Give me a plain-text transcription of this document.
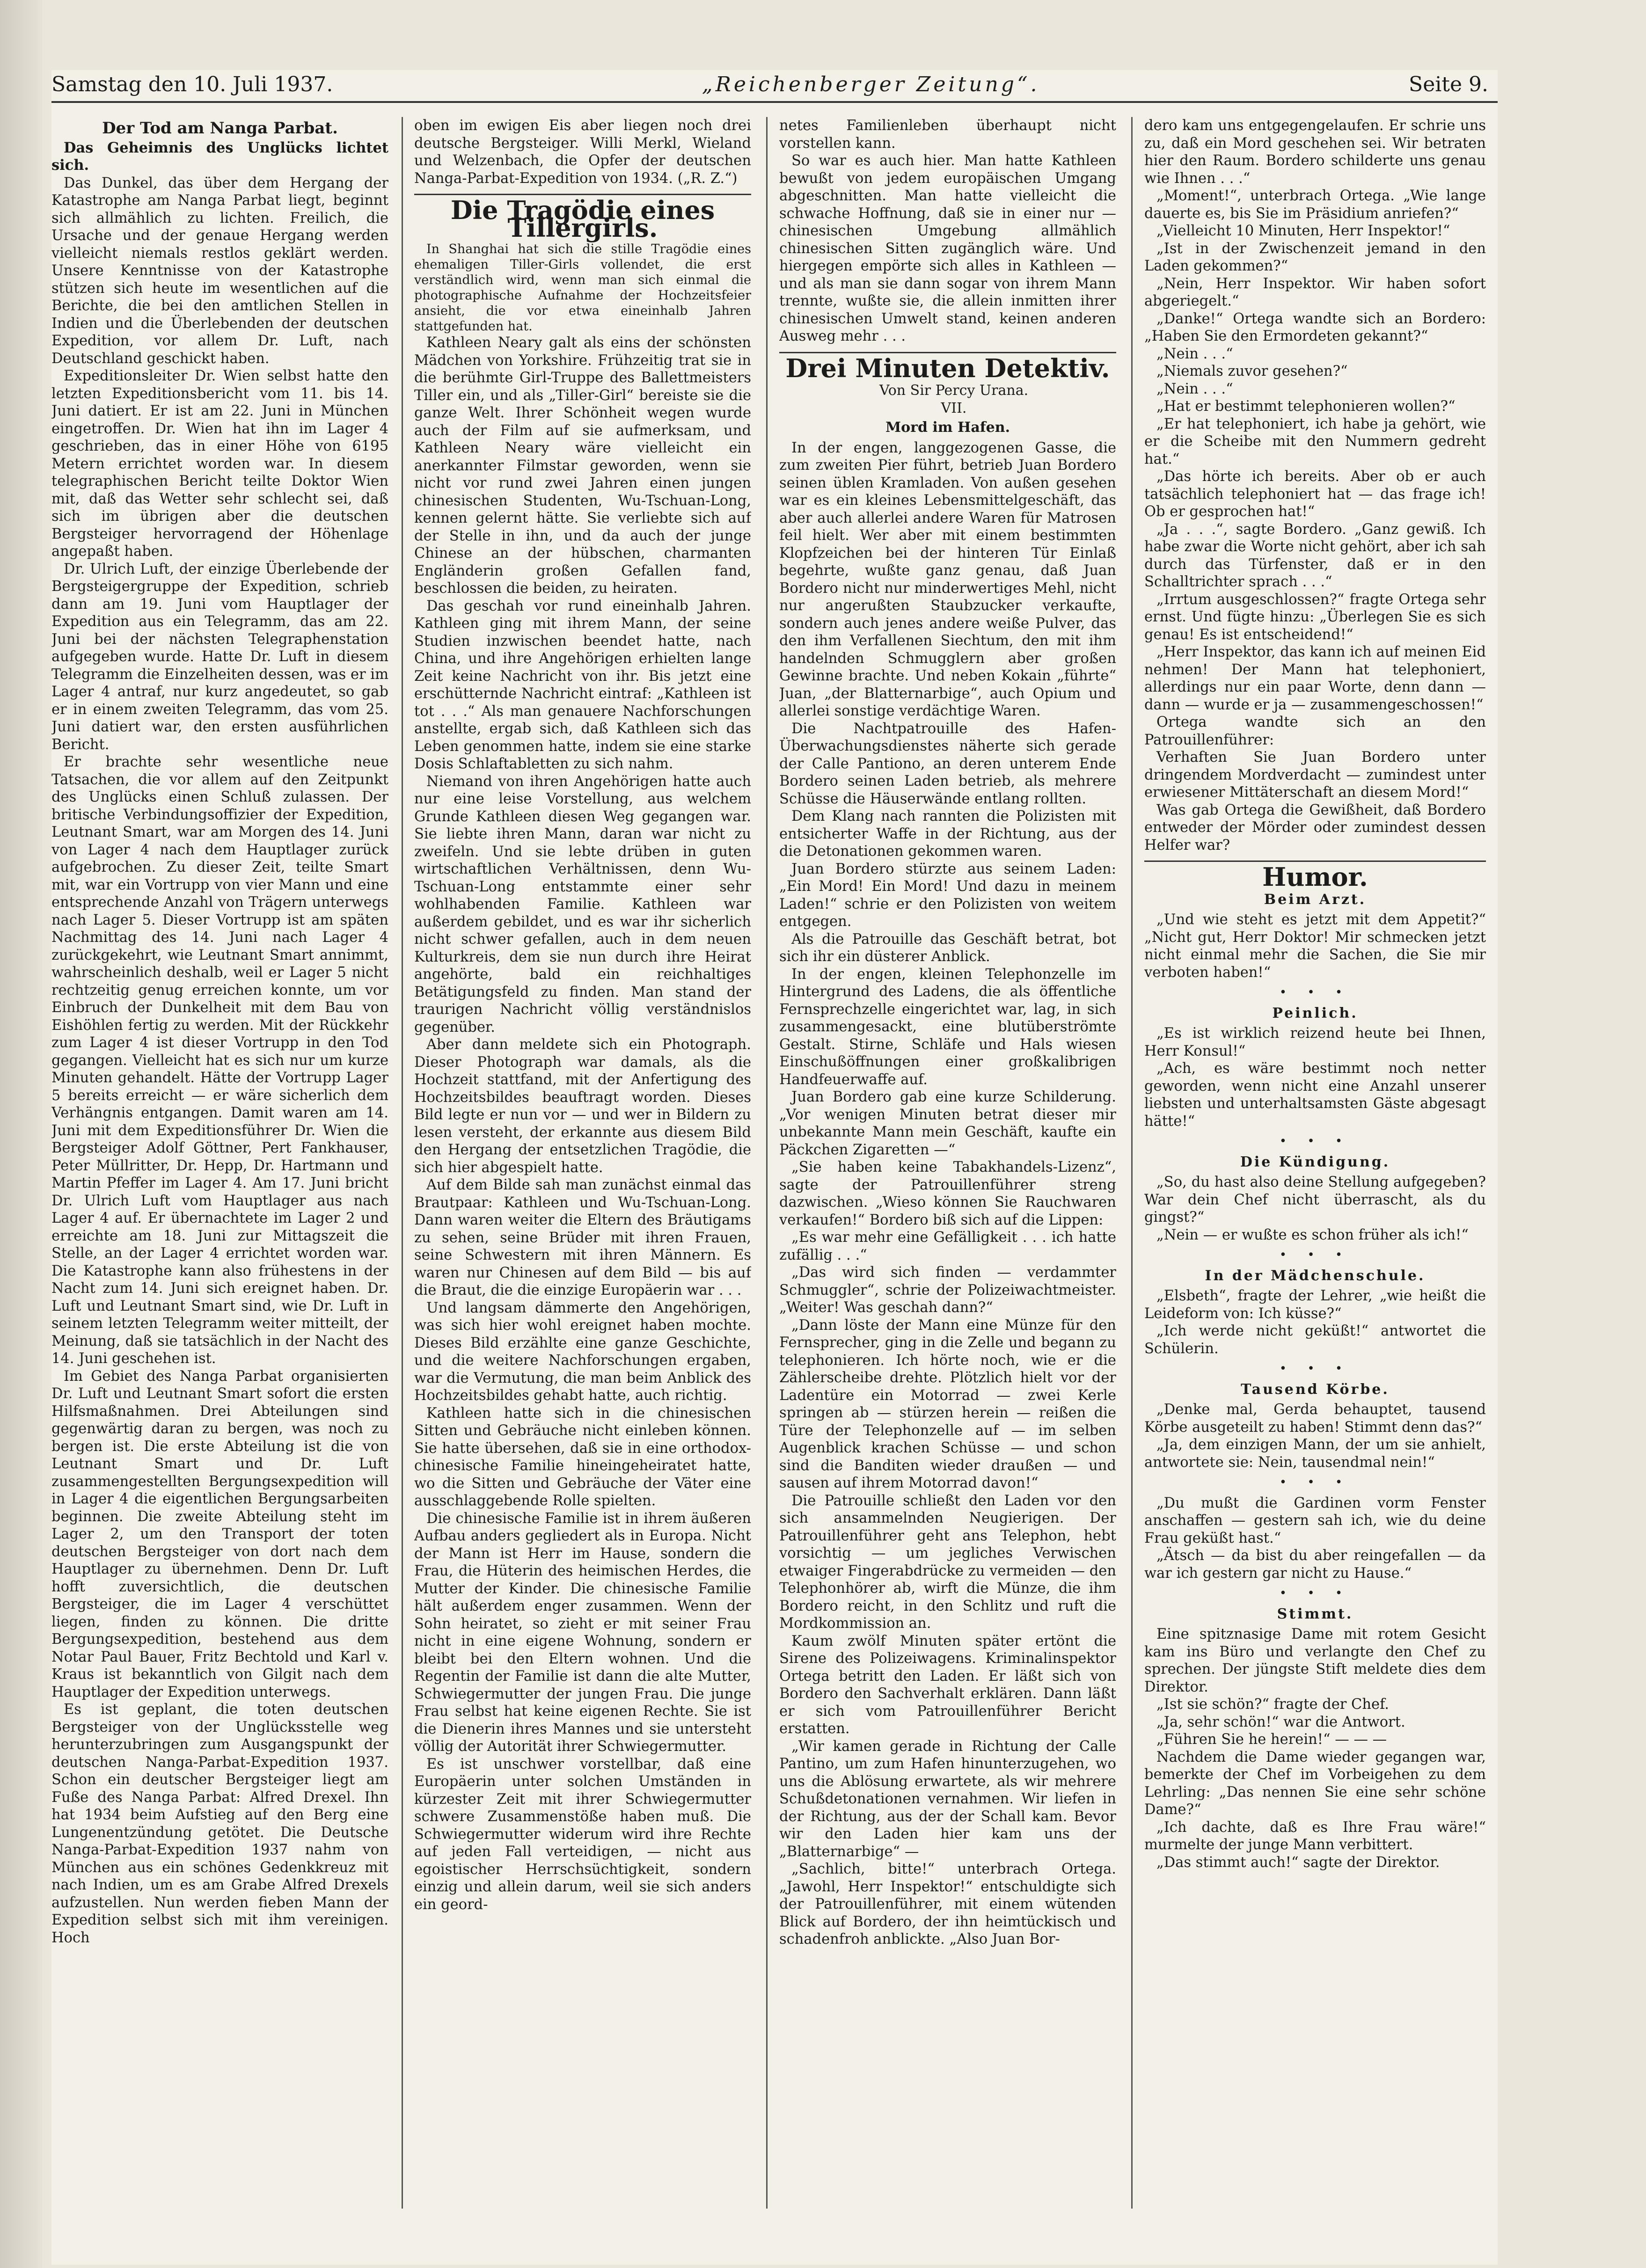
Samstag den 10. Juli 1937.	„Reichenberger Zeitung“.	Seite 9.
Der Tod am Nanga Parbat.

Das Geheimnis des Unglücks lichtet sich.

Das Dunkel, das über dem Hergang der Katastrophe am Nanga Parbat liegt, beginnt sich allmählich zu lichten. Freilich, die Ursache und der genaue Hergang werden vielleicht niemals restlos geklärt werden. Unsere Kenntnisse von der Katastrophe stützen sich heute im wesentlichen auf die Berichte, die bei den amtlichen Stellen in Indien und die Überlebenden der deutschen Expedition, vor allem Dr. Luft, nach Deutschland geschickt haben.

Expeditionsleiter Dr. Wien selbst hatte den letzten Expeditionsbericht vom 11. bis 14. Juni datiert. Er ist am 22. Juni in München eingetroffen. Dr. Wien hat ihn im Lager 4 geschrieben, das in einer Höhe von 6195 Metern errichtet worden war. In diesem telegraphischen Bericht teilte Doktor Wien mit, daß das Wetter sehr schlecht sei, daß sich im übrigen aber die deutschen Bergsteiger hervorragend der Höhenlage angepaßt haben.

Dr. Ulrich Luft, der einzige Überlebende der Bergsteigergruppe der Expedition, schrieb dann am 19. Juni vom Hauptlager der Expedition aus ein Telegramm, das am 22. Juni bei der nächsten Telegraphenstation aufgegeben wurde. Hatte Dr. Luft in diesem Telegramm die Einzelheiten dessen, was er im Lager 4 antraf, nur kurz angedeutet, so gab er in einem zweiten Telegramm, das vom 25. Juni datiert war, den ersten ausführlichen Bericht.

Er brachte sehr wesentliche neue Tatsachen, die vor allem auf den Zeitpunkt des Unglücks einen Schluß zulassen. Der britische Verbindungsoffizier der Expedition, Leutnant Smart, war am Morgen des 14. Juni von Lager 4 nach dem Hauptlager zurück aufgebrochen. Zu dieser Zeit, teilte Smart mit, war ein Vortrupp von vier Mann und eine entsprechende Anzahl von Trägern unterwegs nach Lager 5. Dieser Vortrupp ist am späten Nachmittag des 14. Juni nach Lager 4 zurückgekehrt, wie Leutnant Smart annimmt, wahrscheinlich deshalb, weil er Lager 5 nicht rechtzeitig genug erreichen konnte, um vor Einbruch der Dunkelheit mit dem Bau von Eishöhlen fertig zu werden. Mit der Rückkehr zum Lager 4 ist dieser Vortrupp in den Tod gegangen. Vielleicht hat es sich nur um kurze Minuten gehandelt. Hätte der Vortrupp Lager 5 bereits erreicht — er wäre sicherlich dem Verhängnis entgangen. Damit waren am 14. Juni mit dem Expeditionsführer Dr. Wien die Bergsteiger Adolf Göttner, Pert Fankhauser, Peter Müllritter, Dr. Hepp, Dr. Hartmann und Martin Pfeffer im Lager 4. Am 17. Juni bricht Dr. Ulrich Luft vom Hauptlager aus nach Lager 4 auf. Er übernachtete im Lager 2 und erreichte am 18. Juni zur Mittagszeit die Stelle, an der Lager 4 errichtet worden war. Die Katastrophe kann also frühestens in der Nacht zum 14. Juni sich ereignet haben. Dr. Luft und Leutnant Smart sind, wie Dr. Luft in seinem letzten Telegramm weiter mitteilt, der Meinung, daß sie tatsächlich in der Nacht des 14. Juni geschehen ist.

Im Gebiet des Nanga Parbat organisierten Dr. Luft und Leutnant Smart sofort die ersten Hilfsmaßnahmen. Drei Abteilungen sind gegenwärtig daran zu bergen, was noch zu bergen ist. Die erste Abteilung ist die von Leutnant Smart und Dr. Luft zusammengestellten Bergungsexpedition will in Lager 4 die eigentlichen Bergungsarbeiten beginnen. Die zweite Abteilung steht im Lager 2, um den Transport der toten deutschen Bergsteiger von dort nach dem Hauptlager zu übernehmen. Denn Dr. Luft hofft zuversichtlich, die deutschen Bergsteiger, die im Lager 4 verschüttet liegen, finden zu können. Die dritte Bergungsexpedition, bestehend aus dem Notar Paul Bauer, Fritz Bechtold und Karl v. Kraus ist bekanntlich von Gilgit nach dem Hauptlager der Expedition unterwegs.

Es ist geplant, die toten deutschen Bergsteiger von der Unglücksstelle weg herunterzubringen zum Ausgangspunkt der deutschen Nanga-Parbat-Expedition 1937. Schon ein deutscher Bergsteiger liegt am Fuße des Nanga Parbat: Alfred Drexel. Ihn hat 1934 beim Aufstieg auf den Berg eine Lungenentzündung getötet. Die Deutsche Nanga-Parbat-Expedition 1937 nahm von München aus ein schönes Gedenkkreuz mit nach Indien, um es am Grabe Alfred Drexels aufzustellen. Nun werden fieben Mann der Expedition selbst sich mit ihm vereinigen. Hoch

oben im ewigen Eis aber liegen noch drei deutsche Bergsteiger. Willi Merkl, Wieland und Welzenbach, die Opfer der deutschen Nanga-Parbat-Expedition von 1934. („R. Z.“)

Die Tragödie eines Tillergirls.

In Shanghai hat sich die stille Tragödie eines ehemaligen Tiller-Girls vollendet, die erst verständlich wird, wenn man sich einmal die photographische Aufnahme der Hochzeitsfeier ansieht, die vor etwa eineinhalb Jahren stattgefunden hat.

Kathleen Neary galt als eins der schönsten Mädchen von Yorkshire. Frühzeitig trat sie in die berühmte Girl-Truppe des Ballettmeisters Tiller ein, und als „Tiller-Girl“ bereiste sie die ganze Welt. Ihrer Schönheit wegen wurde auch der Film auf sie aufmerksam, und Kathleen Neary wäre vielleicht ein anerkannter Filmstar geworden, wenn sie nicht vor rund zwei Jahren einen jungen chinesischen Studenten, Wu-Tschuan-Long, kennen gelernt hätte. Sie verliebte sich auf der Stelle in ihn, und da auch der junge Chinese an der hübschen, charmanten Engländerin großen Gefallen fand, beschlossen die beiden, zu heiraten.

Das geschah vor rund eineinhalb Jahren. Kathleen ging mit ihrem Mann, der seine Studien inzwischen beendet hatte, nach China, und ihre Angehörigen erhielten lange Zeit keine Nachricht von ihr. Bis jetzt eine erschütternde Nachricht eintraf: „Kathleen ist tot . . .“ Als man genauere Nachforschungen anstellte, ergab sich, daß Kathleen sich das Leben genommen hatte, indem sie eine starke Dosis Schlaftabletten zu sich nahm.

Niemand von ihren Angehörigen hatte auch nur eine leise Vorstellung, aus welchem Grunde Kathleen diesen Weg gegangen war. Sie liebte ihren Mann, daran war nicht zu zweifeln. Und sie lebte drüben in guten wirtschaftlichen Verhältnissen, denn Wu-Tschuan-Long entstammte einer sehr wohlhabenden Familie. Kathleen war außerdem gebildet, und es war ihr sicherlich nicht schwer gefallen, auch in dem neuen Kulturkreis, dem sie nun durch ihre Heirat angehörte, bald ein reichhaltiges Betätigungsfeld zu finden. Man stand der traurigen Nachricht völlig verständnislos gegenüber.

Aber dann meldete sich ein Photograph. Dieser Photograph war damals, als die Hochzeit stattfand, mit der Anfertigung des Hochzeitsbildes beauftragt worden. Dieses Bild legte er nun vor — und wer in Bildern zu lesen versteht, der erkannte aus diesem Bild den Hergang der entsetzlichen Tragödie, die sich hier abgespielt hatte.

Auf dem Bilde sah man zunächst einmal das Brautpaar: Kathleen und Wu-Tschuan-Long. Dann waren weiter die Eltern des Bräutigams zu sehen, seine Brüder mit ihren Frauen, seine Schwestern mit ihren Männern. Es waren nur Chinesen auf dem Bild — bis auf die Braut, die die einzige Europäerin war . . .

Und langsam dämmerte den Angehörigen, was sich hier wohl ereignet haben mochte. Dieses Bild erzählte eine ganze Geschichte, und die weitere Nachforschungen ergaben, war die Vermutung, die man beim Anblick des Hochzeitsbildes gehabt hatte, auch richtig.

Kathleen hatte sich in die chinesischen Sitten und Gebräuche nicht einleben können. Sie hatte übersehen, daß sie in eine orthodox-chinesische Familie hineingeheiratet hatte, wo die Sitten und Gebräuche der Väter eine ausschlaggebende Rolle spielten.

Die chinesische Familie ist in ihrem äußeren Aufbau anders gegliedert als in Europa. Nicht der Mann ist Herr im Hause, sondern die Frau, die Hüterin des heimischen Herdes, die Mutter der Kinder. Die chinesische Familie hält außerdem enger zusammen. Wenn der Sohn heiratet, so zieht er mit seiner Frau nicht in eine eigene Wohnung, sondern er bleibt bei den Eltern wohnen. Und die Regentin der Familie ist dann die alte Mutter, Schwiegermutter der jungen Frau. Die junge Frau selbst hat keine eigenen Rechte. Sie ist die Dienerin ihres Mannes und sie untersteht völlig der Autorität ihrer Schwiegermutter.

Es ist unschwer vorstellbar, daß eine Europäerin unter solchen Umständen in kürzester Zeit mit ihrer Schwiegermutter schwere Zusammenstöße haben muß. Die Schwiegermutter widerum wird ihre Rechte auf jeden Fall verteidigen, — nicht aus egoistischer Herrschsüchtigkeit, sondern einzig und allein darum, weil sie sich anders ein geord-

netes Familienleben überhaupt nicht vorstellen kann.

So war es auch hier. Man hatte Kathleen bewußt von jedem europäischen Umgang abgeschnitten. Man hatte vielleicht die schwache Hoffnung, daß sie in einer nur — chinesischen Umgebung allmählich chinesischen Sitten zugänglich wäre. Und hiergegen empörte sich alles in Kathleen — und als man sie dann sogar von ihrem Mann trennte, wußte sie, die allein inmitten ihrer chinesischen Umwelt stand, keinen anderen Ausweg mehr . . .

Drei Minuten Detektiv.

Von Sir Percy Urana.

VII.

Mord im Hafen.

In der engen, langgezogenen Gasse, die zum zweiten Pier führt, betrieb Juan Bordero seinen üblen Kramladen. Von außen gesehen war es ein kleines Lebensmittelgeschäft, das aber auch allerlei andere Waren für Matrosen feil hielt. Wer aber mit einem bestimmten Klopfzeichen bei der hinteren Tür Einlaß begehrte, wußte ganz genau, daß Juan Bordero nicht nur minderwertiges Mehl, nicht nur angerußten Staubzucker verkaufte, sondern auch jenes andere weiße Pulver, das den ihm Verfallenen Siechtum, den mit ihm handelnden Schmugglern aber großen Gewinne brachte. Und neben Kokain „führte“ Juan, „der Blatternarbige“, auch Opium und allerlei sonstige verdächtige Waren.

Die Nachtpatrouille des Hafen-Überwachungsdienstes näherte sich gerade der Calle Pantiono, an deren unterem Ende Bordero seinen Laden betrieb, als mehrere Schüsse die Häuserwände entlang rollten.

Dem Klang nach rannten die Polizisten mit entsicherter Waffe in der Richtung, aus der die Detonationen gekommen waren.

Juan Bordero stürzte aus seinem Laden: „Ein Mord! Ein Mord! Und dazu in meinem Laden!“ schrie er den Polizisten von weitem entgegen.

Als die Patrouille das Geschäft betrat, bot sich ihr ein düsterer Anblick.

In der engen, kleinen Telephonzelle im Hintergrund des Ladens, die als öffentliche Fernsprechzelle eingerichtet war, lag, in sich zusammengesackt, eine blutüberströmte Gestalt. Stirne, Schläfe und Hals wiesen Einschußöffnungen einer großkalibrigen Handfeuerwaffe auf.

Juan Bordero gab eine kurze Schilderung. „Vor wenigen Minuten betrat dieser mir unbekannte Mann mein Geschäft, kaufte ein Päckchen Zigaretten —“

„Sie haben keine Tabakhandels-Lizenz“, sagte der Patrouillenführer streng dazwischen. „Wieso können Sie Rauchwaren verkaufen!“ Bordero biß sich auf die Lippen:

„Es war mehr eine Gefälligkeit . . . ich hatte zufällig . . .“

„Das wird sich finden — verdammter Schmuggler“, schrie der Polizeiwachtmeister. „Weiter! Was geschah dann?“

„Dann löste der Mann eine Münze für den Fernsprecher, ging in die Zelle und begann zu telephonieren. Ich hörte noch, wie er die Zählerscheibe drehte. Plötzlich hielt vor der Ladentüre ein Motorrad — zwei Kerle springen ab — stürzen herein — reißen die Türe der Telephonzelle auf — im selben Augenblick krachen Schüsse — und schon sind die Banditen wieder draußen — und sausen auf ihrem Motorrad davon!“

Die Patrouille schließt den Laden vor den sich ansammelnden Neugierigen. Der Patrouillenführer geht ans Telephon, hebt vorsichtig — um jegliches Verwischen etwaiger Fingerabdrücke zu vermeiden — den Telephonhörer ab, wirft die Münze, die ihm Bordero reicht, in den Schlitz und ruft die Mordkommission an.

Kaum zwölf Minuten später ertönt die Sirene des Polizeiwagens. Kriminalinspektor Ortega betritt den Laden. Er läßt sich von Bordero den Sachverhalt erklären. Dann läßt er sich vom Patrouillenführer Bericht erstatten.

„Wir kamen gerade in Richtung der Calle Pantino, um zum Hafen hinunterzugehen, wo uns die Ablösung erwartete, als wir mehrere Schußdetonationen vernahmen. Wir liefen in der Richtung, aus der der Schall kam. Bevor wir den Laden hier kam uns der „Blatternarbige“ —

„Sachlich, bitte!“ unterbrach Ortega. „Jawohl, Herr Inspektor!“ entschuldigte sich der Patrouillenführer, mit einem wütenden Blick auf Bordero, der ihn heimtückisch und schadenfroh anblickte. „Also Juan Bor-

dero kam uns entgegengelaufen. Er schrie uns zu, daß ein Mord geschehen sei. Wir betraten hier den Raum. Bordero schilderte uns genau wie Ihnen . . .“

„Moment!“, unterbrach Ortega. „Wie lange dauerte es, bis Sie im Präsidium anriefen?“

„Vielleicht 10 Minuten, Herr Inspektor!“

„Ist in der Zwischenzeit jemand in den Laden gekommen?“

„Nein, Herr Inspektor. Wir haben sofort abgeriegelt.“

„Danke!“ Ortega wandte sich an Bordero: „Haben Sie den Ermordeten gekannt?“

„Nein . . .“

„Niemals zuvor gesehen?“

„Nein . . .“

„Hat er bestimmt telephonieren wollen?“

„Er hat telephoniert, ich habe ja gehört, wie er die Scheibe mit den Nummern gedreht hat.“

„Das hörte ich bereits. Aber ob er auch tatsächlich telephoniert hat — das frage ich! Ob er gesprochen hat!“

„Ja . . .“, sagte Bordero. „Ganz gewiß. Ich habe zwar die Worte nicht gehört, aber ich sah durch das Türfenster, daß er in den Schalltrichter sprach . . .“

„Irrtum ausgeschlossen?“ fragte Ortega sehr ernst. Und fügte hinzu: „Überlegen Sie es sich genau! Es ist entscheidend!“

„Herr Inspektor, das kann ich auf meinen Eid nehmen! Der Mann hat telephoniert, allerdings nur ein paar Worte, denn dann — dann — wurde er ja — zusammengeschossen!“

Ortega wandte sich an den Patrouillenführer:

Verhaften Sie Juan Bordero unter dringendem Mordverdacht — zumindest unter erwiesener Mittäterschaft an diesem Mord!“

Was gab Ortega die Gewißheit, daß Bordero entweder der Mörder oder zumindest dessen Helfer war?

Humor.
Beim Arzt.

„Und wie steht es jetzt mit dem Appetit?“ „Nicht gut, Herr Doktor! Mir schmecken jetzt nicht einmal mehr die Sachen, die Sie mir verboten haben!“

• • •
Peinlich.

„Es ist wirklich reizend heute bei Ihnen, Herr Konsul!“

„Ach, es wäre bestimmt noch netter geworden, wenn nicht eine Anzahl unserer liebsten und unterhaltsamsten Gäste abgesagt hätte!“

• • •
Die Kündigung.

„So, du hast also deine Stellung aufgegeben? War dein Chef nicht überrascht, als du gingst?“

„Nein — er wußte es schon früher als ich!“

• • •
In der Mädchenschule.

„Elsbeth“, fragte der Lehrer, „wie heißt die Leideform von: Ich küsse?“

„Ich werde nicht geküßt!“ antwortet die Schülerin.

• • •
Tausend Körbe.

„Denke mal, Gerda behauptet, tausend Körbe ausgeteilt zu haben! Stimmt denn das?“

„Ja, dem einzigen Mann, der um sie anhielt, antwortete sie: Nein, tausendmal nein!“

• • •

„Du mußt die Gardinen vorm Fenster anschaffen — gestern sah ich, wie du deine Frau geküßt hast.“

„Ätsch — da bist du aber reingefallen — da war ich gestern gar nicht zu Hause.“

• • •
Stimmt.

Eine spitznasige Dame mit rotem Gesicht kam ins Büro und verlangte den Chef zu sprechen. Der jüngste Stift meldete dies dem Direktor.

„Ist sie schön?“ fragte der Chef.

„Ja, sehr schön!“ war die Antwort.

„Führen Sie he herein!“ — — —

Nachdem die Dame wieder gegangen war, bemerkte der Chef im Vorbeigehen zu dem Lehrling: „Das nennen Sie eine sehr schöne Dame?“

„Ich dachte, daß es Ihre Frau wäre!“ murmelte der junge Mann verbittert.

„Das stimmt auch!“ sagte der Direktor.
